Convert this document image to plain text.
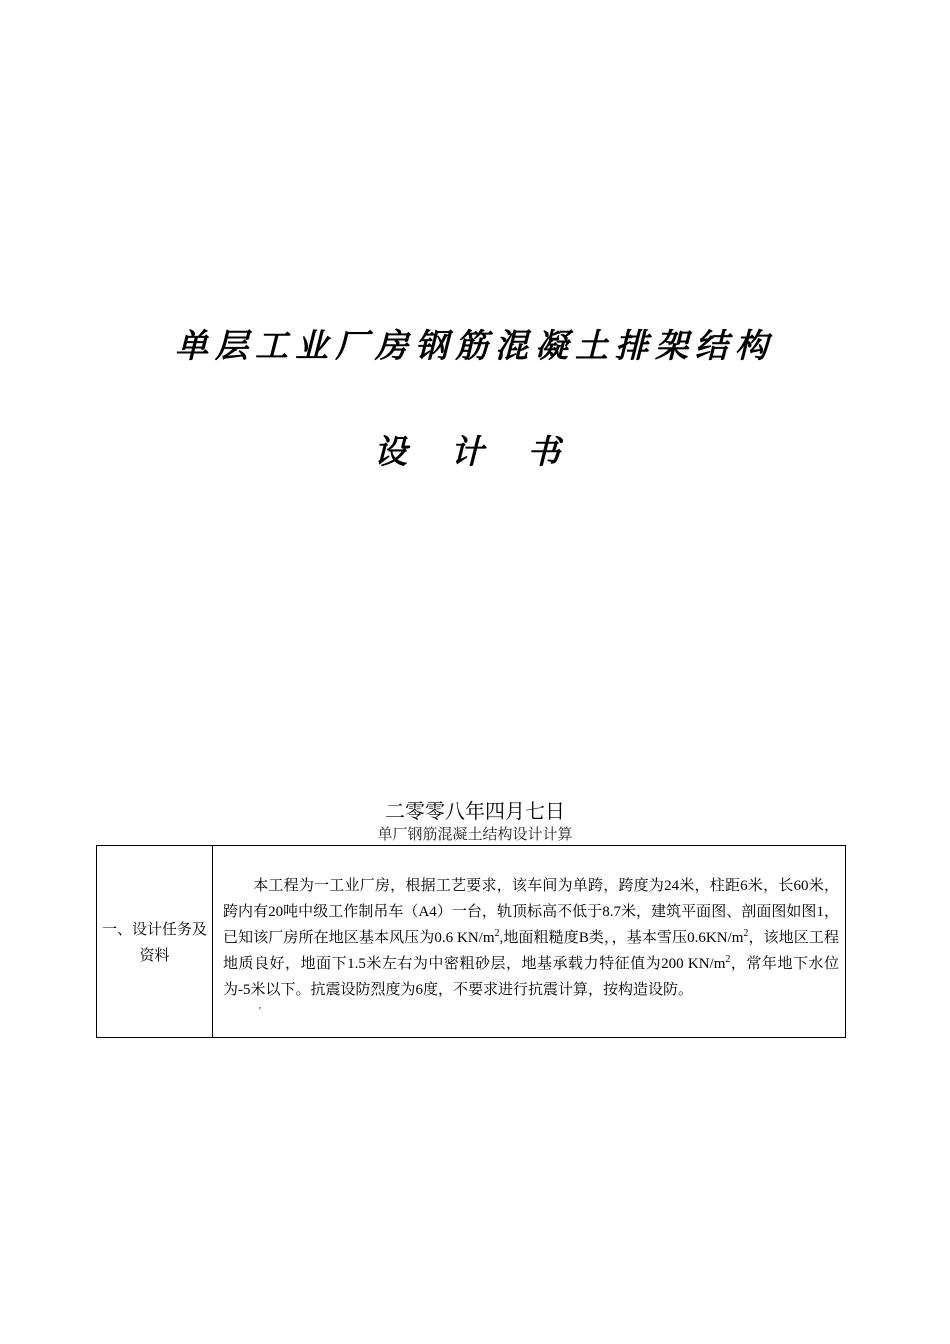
单层工业厂房钢筋混凝土排架结构
设 计 书
二零零八年四月七日
单厂钢筋混凝土结构设计计算
一、设计任务及资料	本工程为一工业厂房，根据工艺要求，该车间为单跨，跨度为24米，柱距6米，长60米，跨内有20吨中级工作制吊车（A4）一台，轨顶标高不低于8.7米，建筑平面图、剖面图如图1，已知该厂房所在地区基本风压为0.6 $KN/m^2$,地面粗糙度B类，，基本雪压$0.6KN/m^2$，该地区工程地质良好，地面下1.5米左右为中密粗砂层，地基承载力特征值为200 $KN/m^2$，常年地下水位为-5米以下。抗震设防烈度为6度，不要求进行抗震计算，按构造设防。
'
